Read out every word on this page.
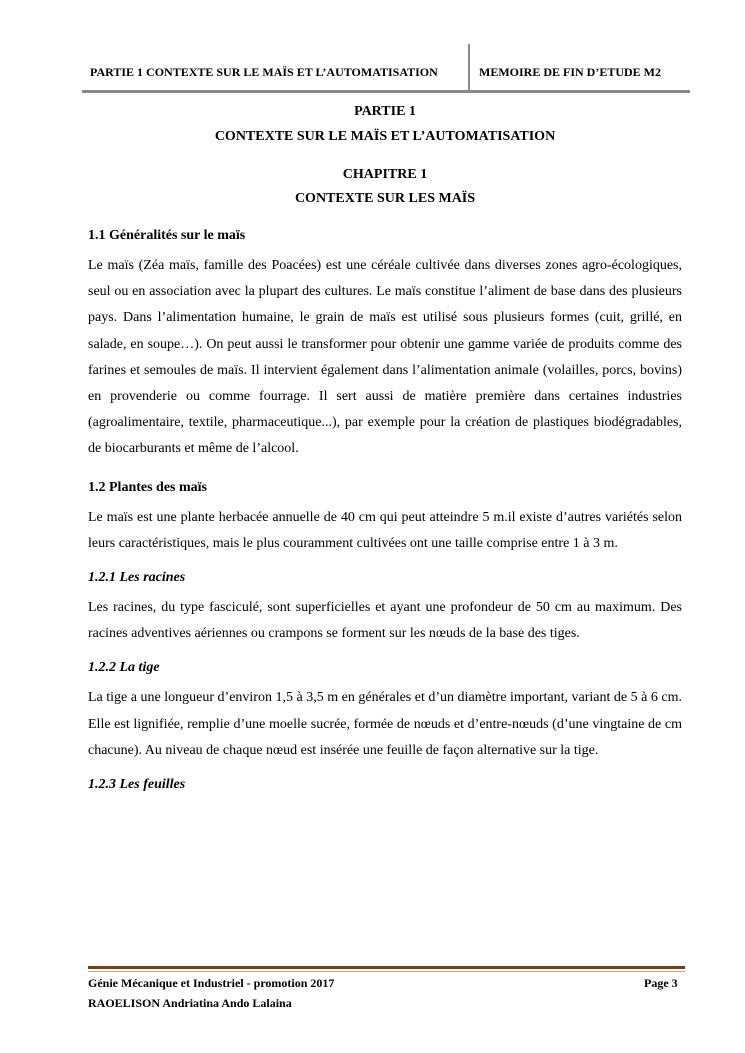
PARTIE 1 CONTEXTE SUR LE MAÏS ET L’AUTOMATISATION	MEMOIRE DE FIN D’ETUDE M2
PARTIE 1
CONTEXTE SUR LE MAÏS ET L’AUTOMATISATION
CHAPITRE 1
CONTEXTE SUR LES MAÏS
1.1 Généralités sur le maïs
Le maïs (Zéa maïs, famille des Poacées) est une céréale cultivée dans diverses zones agro-écologiques, seul ou en association avec la plupart des cultures. Le maïs constitue l’aliment de base dans des plusieurs pays. Dans l’alimentation humaine, le grain de maïs est utilisé sous plusieurs formes (cuit, grillé, en salade, en soupe…). On peut aussi le transformer pour obtenir une gamme variée de produits comme des farines et semoules de maïs. Il intervient également dans l’alimentation animale (volailles, porcs, bovins) en provenderie ou comme fourrage. Il sert aussi de matière première dans certaines industries (agroalimentaire, textile, pharmaceutique...), par exemple pour la création de plastiques biodégradables, de biocarburants et même de l’alcool.
1.2 Plantes des maïs
Le maïs est une plante herbacée annuelle de 40 cm qui peut atteindre 5 m.il existe d’autres variétés selon leurs caractéristiques, mais le plus couramment cultivées ont une taille comprise entre 1 à 3 m.
1.2.1 Les racines
Les racines, du type fasciculé, sont superficielles et ayant une profondeur de 50 cm au maximum. Des racines adventives aériennes ou crampons se forment sur les nœuds de la base des tiges.
1.2.2 La tige
La tige a une longueur d’environ 1,5 à 3,5 m en générales et d’un diamètre important, variant de 5 à 6 cm. Elle est lignifiée, remplie d’une moelle sucrée, formée de nœuds et d’entre-nœuds (d’une vingtaine de cm chacune). Au niveau de chaque nœud est insérée une feuille de façon alternative sur la tige.
1.2.3 Les feuilles
Génie Mécanique et Industriel - promotion 2017	Page 3
RAOELISON Andriatina Ando Lalaina
